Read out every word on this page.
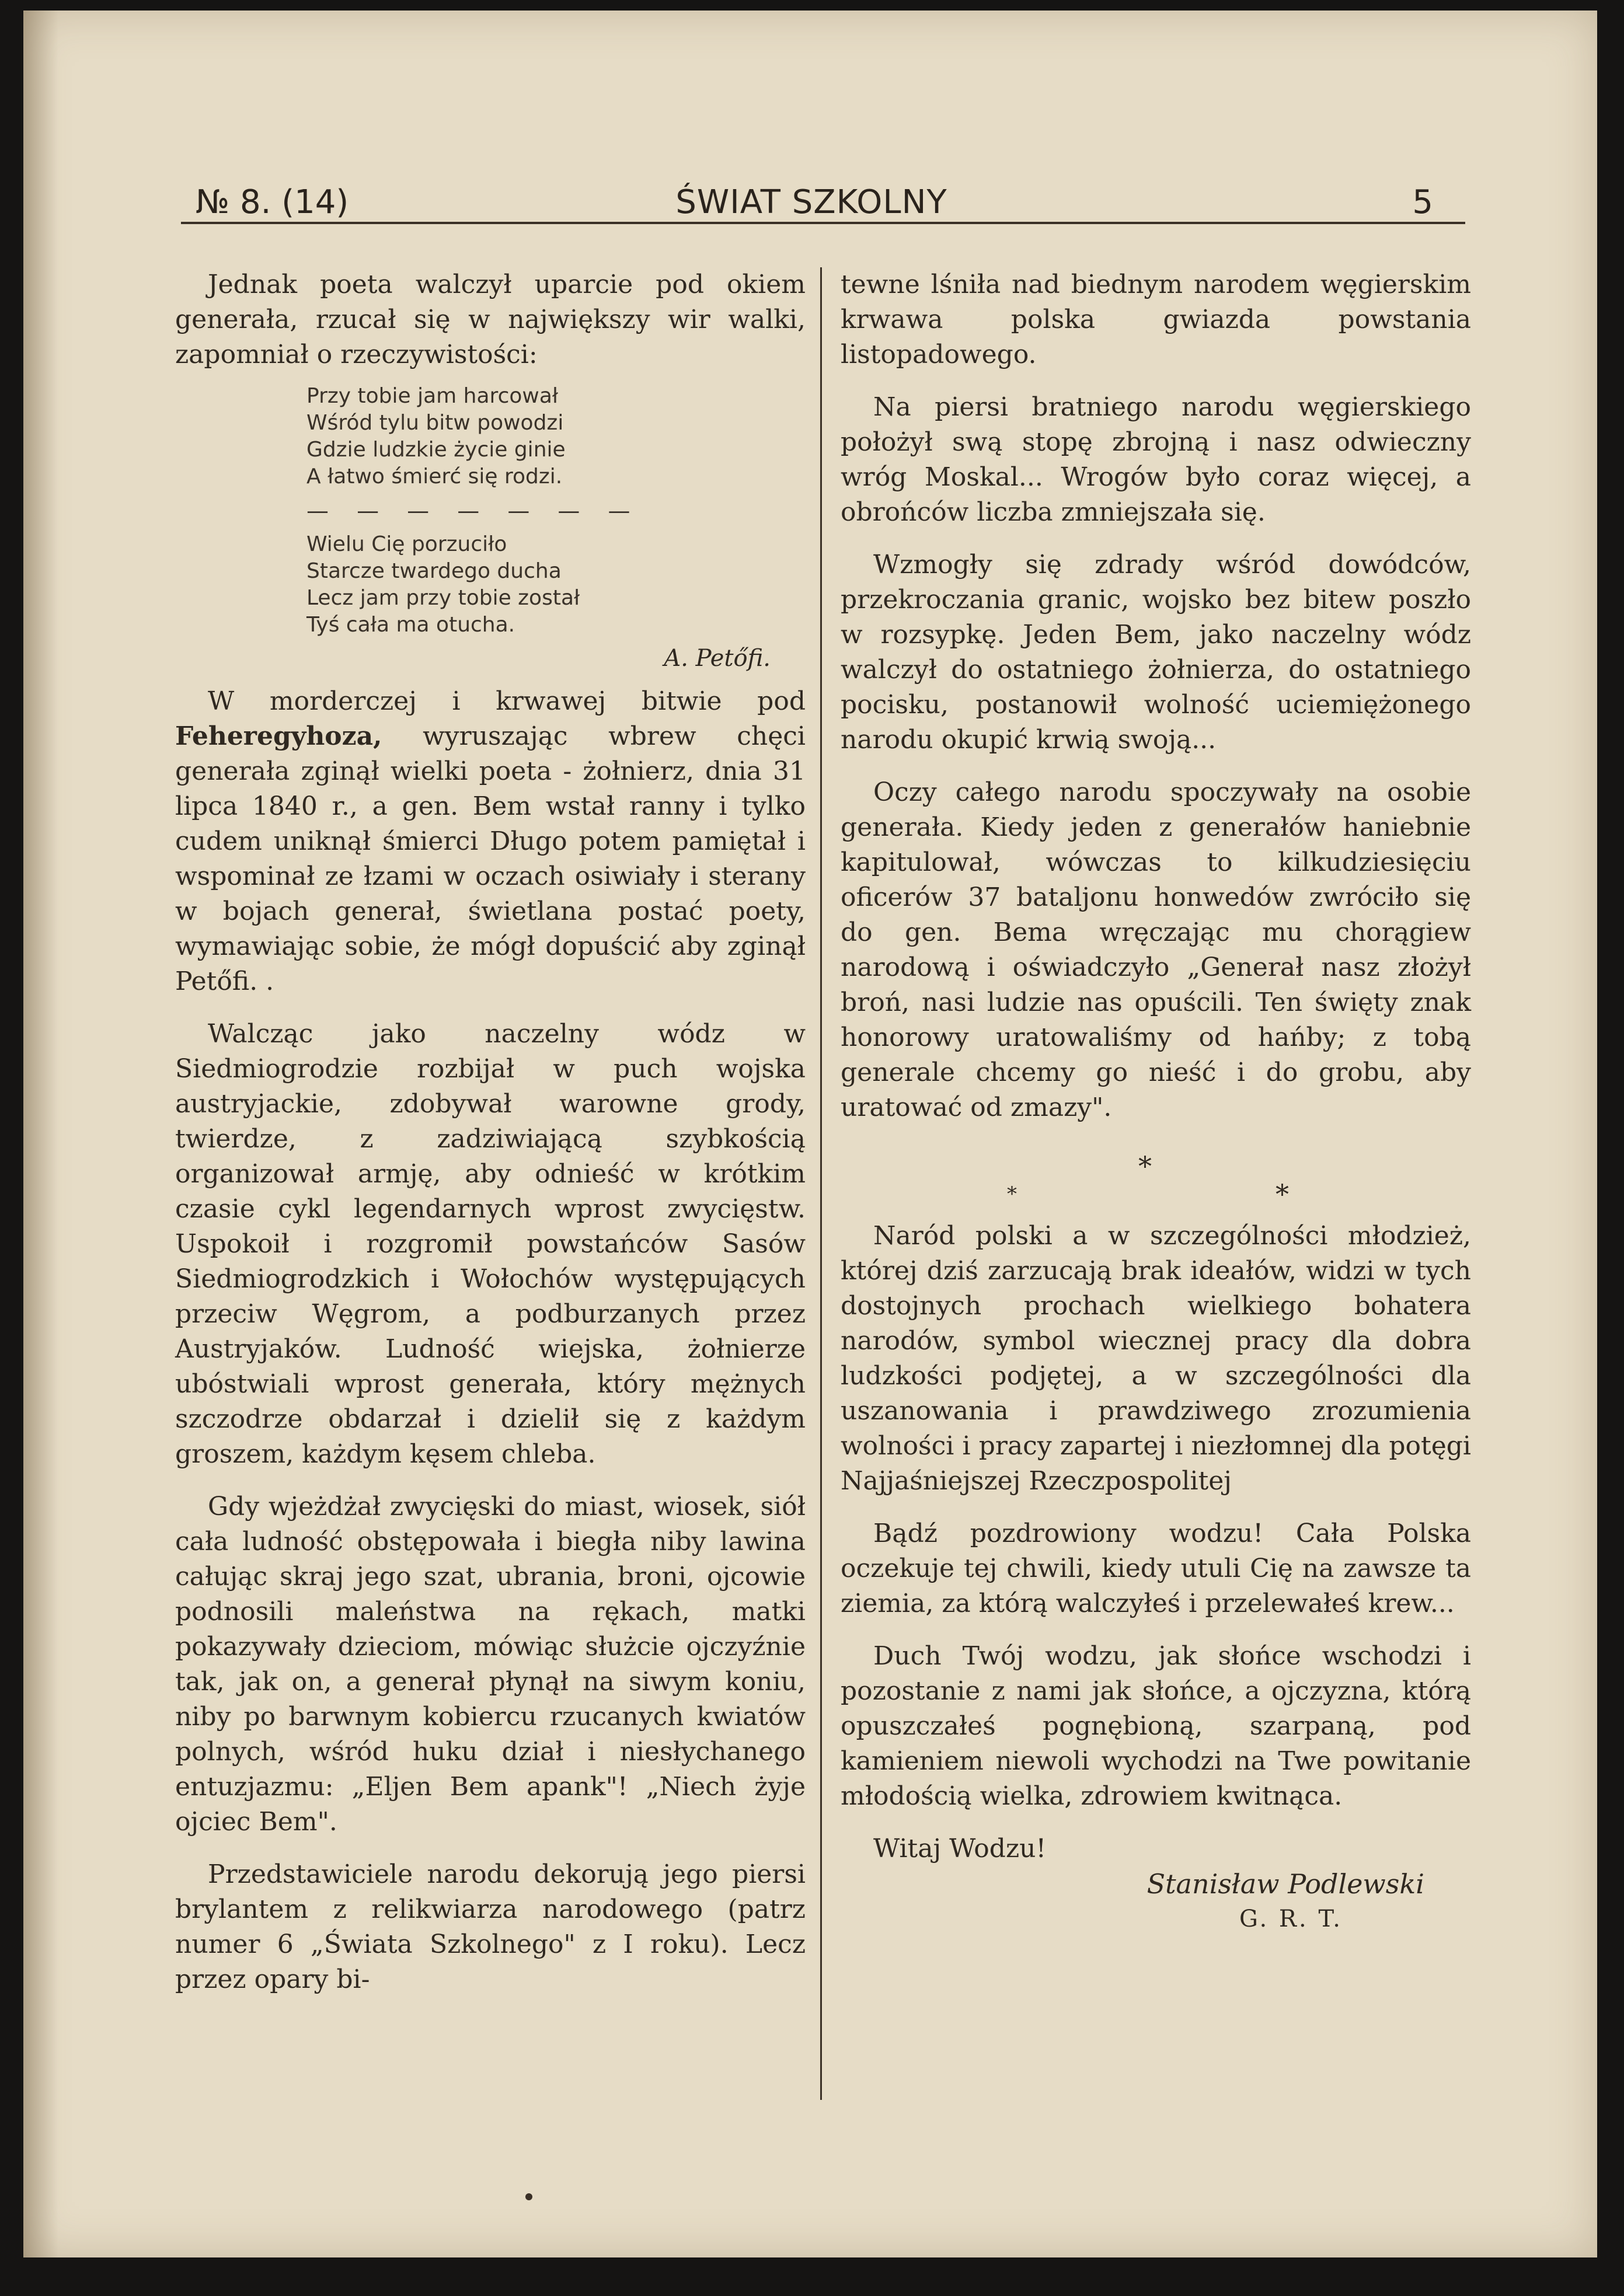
№ 8. (14)	ŚWIAT SZKOLNY	5

Jednak poeta walczył uparcie pod okiem generała, rzucał się w największy wir walki, zapomniał o rzeczywistości:

Przy tobie jam harcował
Wśród tylu bitw powodzi
Gdzie ludzkie życie ginie
A łatwo śmierć się rodzi.
— — — — — — —
Wielu Cię porzuciło
Starcze twardego ducha
Lecz jam przy tobie został
Tyś cała ma otucha.
A. Petőfi.

W morderczej i krwawej bitwie pod Feheregyhoza, wyruszając wbrew chęci generała zginął wielki poeta - żołnierz, dnia 31 lipca 1840 r., a gen. Bem wstał ranny i tylko cudem uniknął śmierci Długo potem pamiętał i wspominał ze łzami w oczach osiwiały i sterany w bojach generał, świetlana postać poety, wymawiając sobie, że mógł dopuścić aby zginął Petőfi. .

Walcząc jako naczelny wódz w Siedmiogrodzie rozbijał w puch wojska austryjackie, zdobywał warowne grody, twierdze, z zadziwiającą szybkością organizował armję, aby odnieść w krótkim czasie cykl legendarnych wprost zwycięstw. Uspokoił i rozgromił powstańców Sasów Siedmiogrodzkich i Wołochów występujących przeciw Węgrom, a podburzanych przez Austryjaków. Ludność wiejska, żołnierze ubóstwiali wprost generała, który mężnych szczodrze obdarzał i dzielił się z każdym groszem, każdym kęsem chleba.

Gdy wjeżdżał zwycięski do miast, wiosek, siół cała ludność obstępowała i biegła niby lawina całując skraj jego szat, ubrania, broni, ojcowie podnosili maleństwa na rękach, matki pokazywały dzieciom, mówiąc służcie ojczyźnie tak, jak on, a generał płynął na siwym koniu, niby po barwnym kobiercu rzucanych kwiatów polnych, wśród huku dział i niesłychanego entuzjazmu: „Eljen Bem apank"! „Niech żyje ojciec Bem".

Przedstawiciele narodu dekorują jego piersi brylantem z relikwiarza narodowego (patrz numer 6 „Świata Szkolnego" z I roku). Lecz przez opary bi-

tewne lśniła nad biednym narodem węgierskim krwawa polska gwiazda powstania listopadowego.

Na piersi bratniego narodu węgierskiego położył swą stopę zbrojną i nasz odwieczny wróg Moskal... Wrogów było coraz więcej, a obrońców liczba zmniejszała się.

Wzmogły się zdrady wśród dowódców, przekroczania granic, wojsko bez bitew poszło w rozsypkę. Jeden Bem, jako naczelny wódz walczył do ostatniego żołnierza, do ostatniego pocisku, postanowił wolność uciemiężonego narodu okupić krwią swoją...

Oczy całego narodu spoczywały na osobie generała. Kiedy jeden z generałów haniebnie kapitulował, wówczas to kilkudziesięciu oficerów 37 bataljonu honwedów zwróciło się do gen. Bema wręczając mu chorągiew narodową i oświadczyło „Generał nasz złożył broń, nasi ludzie nas opuścili. Ten święty znak honorowy uratowaliśmy od hańby; z tobą generale chcemy go nieść i do grobu, aby uratować od zmazy".

*
*	*

Naród polski a w szczególności młodzież, której dziś zarzucają brak ideałów, widzi w tych dostojnych prochach wielkiego bohatera narodów, symbol wiecznej pracy dla dobra ludzkości podjętej, a w szczególności dla uszanowania i prawdziwego zrozumienia wolności i pracy zapartej i niezłomnej dla potęgi Najjaśniejszej Rzeczpospolitej

Bądź pozdrowiony wodzu! Cała Polska oczekuje tej chwili, kiedy utuli Cię na zawsze ta ziemia, za którą walczyłeś i przelewałeś krew...

Duch Twój wodzu, jak słońce wschodzi i pozostanie z nami jak słońce, a ojczyzna, którą opuszczałeś pognębioną, szarpaną, pod kamieniem niewoli wychodzi na Twe powitanie młodością wielka, zdrowiem kwitnąca.

Witaj Wodzu!

Stanisław Podlewski
G. R. T.
